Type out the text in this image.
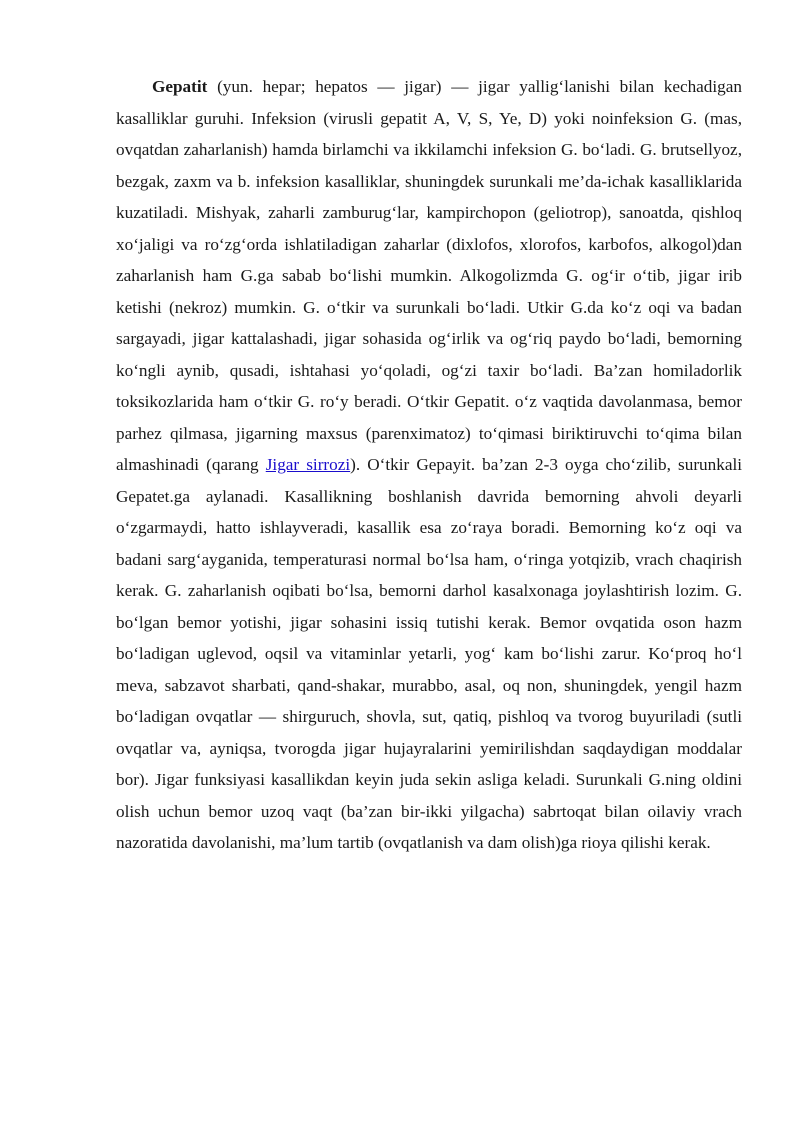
Gepatit (yun. hepar; hepatos — jigar) — jigar yallig‘lanishi bilan kechadigan kasalliklar guruhi. Infeksion (virusli gepatit A, V, S, Ye, D) yoki noinfeksion G. (mas, ovqatdan zaharlanish) hamda birlamchi va ikkilamchi infeksion G. bo‘ladi. G. brutsellyoz, bezgak, zaxm va b. infeksion kasalliklar, shuningdek surunkali me’da-ichak kasalliklarida kuzatiladi. Mishyak, zaharli zamburug‘lar, kampirchopon (geliotrop), sanoatda, qishloq xo‘jaligi va ro‘zg‘orda ishlatiladigan zaharlar (dixlofos, xlorofos, karbofos, alkogol)dan zaharlanish ham G.ga sabab bo‘lishi mumkin. Alkogolizmda G. og‘ir o‘tib, jigar irib ketishi (nekroz) mumkin. G. o‘tkir va surunkali bo‘ladi. Utkir G.da ko‘z oqi va badan sargayadi, jigar kattalashadi, jigar sohasida og‘irlik va og‘riq paydo bo‘ladi, bemorning ko‘ngli aynib, qusadi, ishtahasi yo‘qoladi, og‘zi taxir bo‘ladi. Ba’zan homiladorlik toksikozlarida ham o‘tkir G. ro‘y beradi. O‘tkir Gepatit. o‘z vaqtida davolanmasa, bemor parhez qilmasa, jigarning maxsus (parenximatoz) to‘qimasi biriktiruvchi to‘qima bilan almashinadi (qarang Jigar sirrozi). O‘tkir Gepayit. ba’zan 2-3 oyga cho‘zilib, surunkali Gepatet.ga aylanadi. Kasallikning boshlanish davrida bemorning ahvoli deyarli o‘zgarmaydi, hatto ishlayveradi, kasallik esa zo‘raya boradi. Bemorning ko‘z oqi va badani sarg‘ayganida, temperaturasi normal bo‘lsa ham, o‘ringa yotqizib, vrach chaqirish kerak. G. zaharlanish oqibati bo‘lsa, bemorni darhol kasalxonaga joylashtirish lozim. G. bo‘lgan bemor yotishi, jigar sohasini issiq tutishi kerak. Bemor ovqatida oson hazm bo‘ladigan uglevod, oqsil va vitaminlar yetarli, yog‘ kam bo‘lishi zarur. Ko‘proq ho‘l meva, sabzavot sharbati, qand-shakar, murabbo, asal, oq non, shuningdek, yengil hazm bo‘ladigan ovqatlar — shirguruch, shovla, sut, qatiq, pishloq va tvorog buyuriladi (sutli ovqatlar va, ayniqsa, tvorogda jigar hujayralarini yemirilishdan saqdaydigan moddalar bor). Jigar funksiyasi kasallikdan keyin juda sekin asliga keladi. Surunkali G.ning oldini olish uchun bemor uzoq vaqt (ba’zan bir-ikki yilgacha) sabrtoqat bilan oilaviy vrach nazoratida davolanishi, ma’lum tartib (ovqatlanish va dam olish)ga rioya qilishi kerak.
